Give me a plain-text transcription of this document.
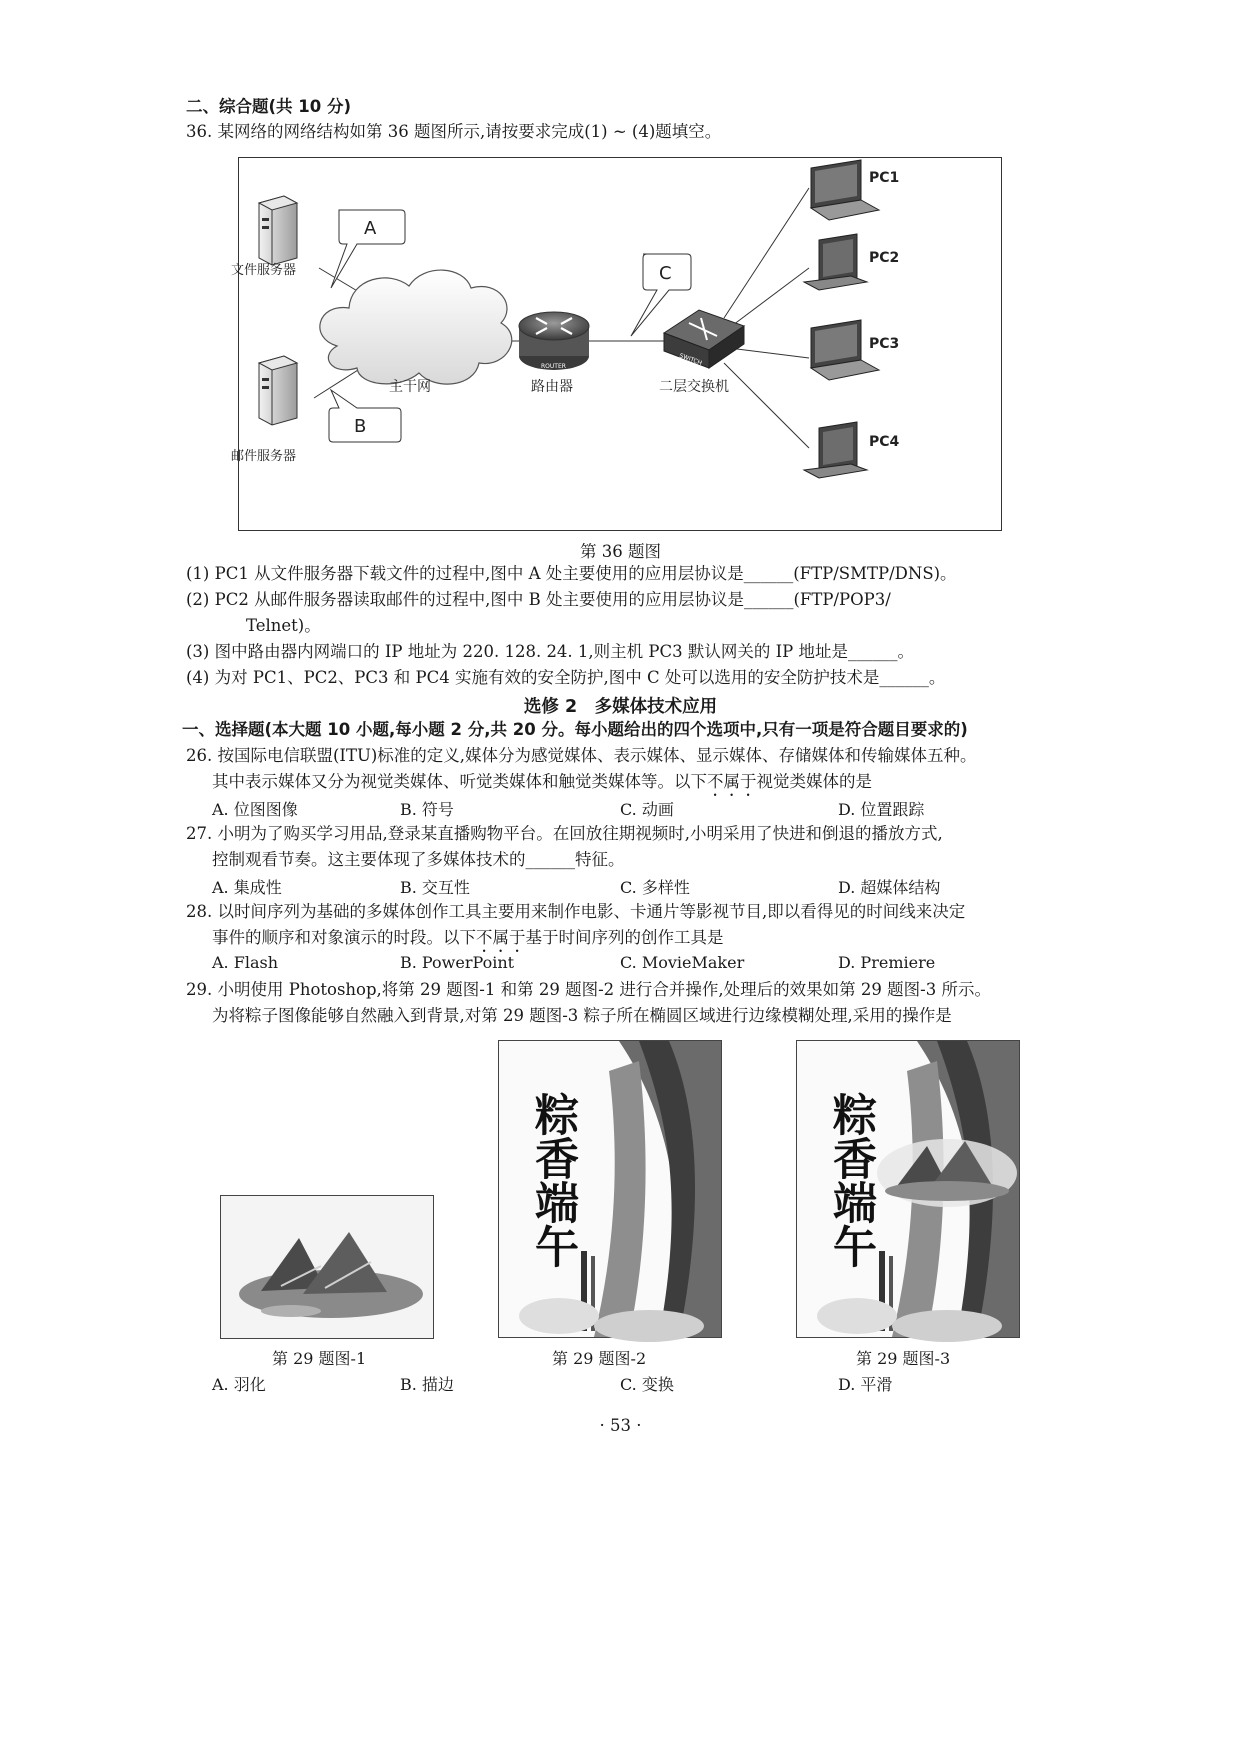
二、综合题(共 10 分)
36. 某网络的网络结构如第 36 题图所示,请按要求完成(1) ~ (4)题填空。
主干网
文件服务器
邮件服务器
A
B
ROUTER
路由器
C
SWITCH
二层交换机
PC1
PC2
PC3
PC4
第 36 题图
(1) PC1 从文件服务器下载文件的过程中,图中 A 处主要使用的应用层协议是______(FTP/SMTP/DNS)。
(2) PC2 从邮件服务器读取邮件的过程中,图中 B 处主要使用的应用层协议是______(FTP/POP3/
Telnet)。
(3) 图中路由器内网端口的 IP 地址为 220. 128. 24. 1,则主机 PC3 默认网关的 IP 地址是______。
(4) 为对 PC1、PC2、PC3 和 PC4 实施有效的安全防护,图中 C 处可以选用的安全防护技术是______。
选修 2　多媒体技术应用
一、选择题(本大题 10 小题,每小题 2 分,共 20 分。每小题给出的四个选项中,只有一项是符合题目要求的)
26. 按国际电信联盟(ITU)标准的定义,媒体分为感觉媒体、表示媒体、显示媒体、存储媒体和传输媒体五种。
其中表示媒体又分为视觉类媒体、听觉类媒体和触觉类媒体等。以下不属于视觉类媒体的是
A. 位图图像	B. 符号	C. 动画	D. 位置跟踪
27. 小明为了购买学习用品,登录某直播购物平台。在回放往期视频时,小明采用了快进和倒退的播放方式,
控制观看节奏。这主要体现了多媒体技术的______特征。
A. 集成性	B. 交互性	C. 多样性	D. 超媒体结构
28. 以时间序列为基础的多媒体创作工具主要用来制作电影、卡通片等影视节目,即以看得见的时间线来决定
事件的顺序和对象演示的时段。以下不属于基于时间序列的创作工具是
A. Flash	B. PowerPoint	C. MovieMaker	D. Premiere
29. 小明使用 Photoshop,将第 29 题图-1 和第 29 题图-2 进行合并操作,处理后的效果如第 29 题图-3 所示。
为将粽子图像能够自然融入到背景,对第 29 题图-3 粽子所在椭圆区域进行边缘模糊处理,采用的操作是
第 29 题图-1
粽香端午
第 29 题图-2
粽香端午
第 29 题图-3
A. 羽化	B. 描边	C. 变换	D. 平滑
· 53 ·
